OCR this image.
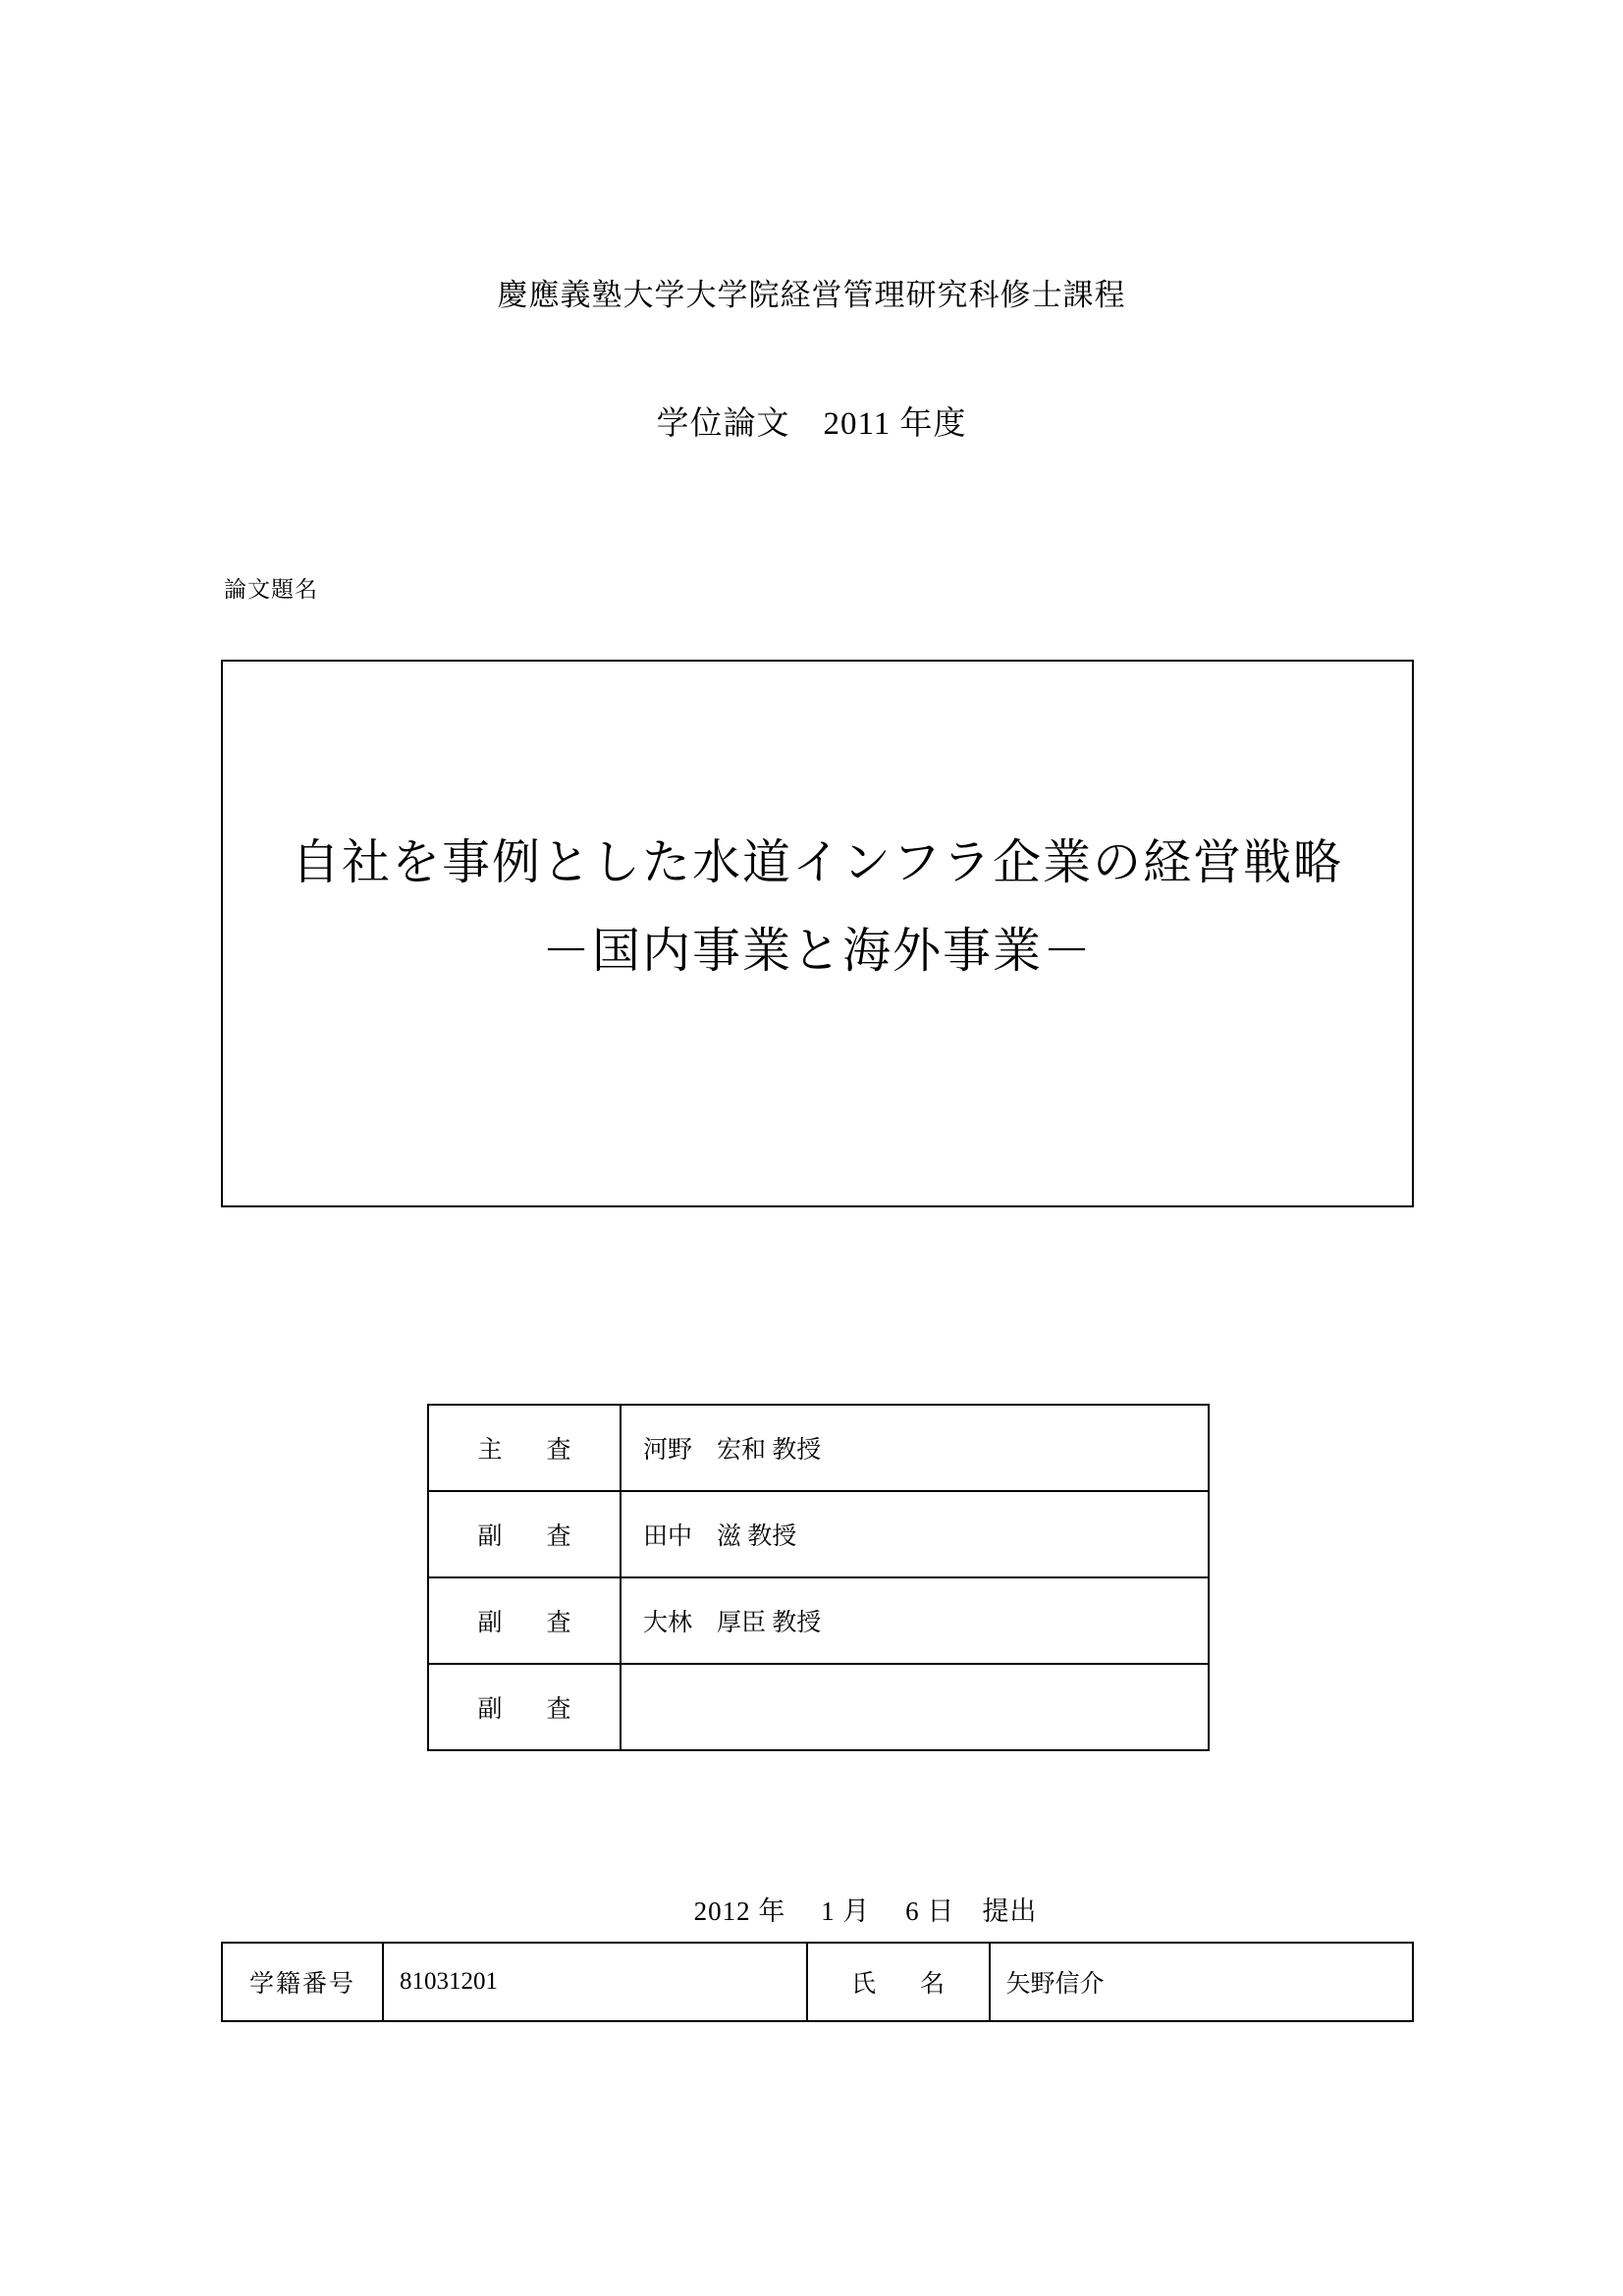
慶應義塾大学大学院経営管理研究科修士課程
学位論文　2011 年度
論文題名
自社を事例とした水道インフラ企業の経営戦略
－国内事業と海外事業－
主　査	河野　宏和 教授
副　査	田中　滋 教授
副　査	大林　厚臣 教授
副　査	
2012 年　 1 月　 6 日　提出
学籍番号	81031201	氏　名	矢野信介
